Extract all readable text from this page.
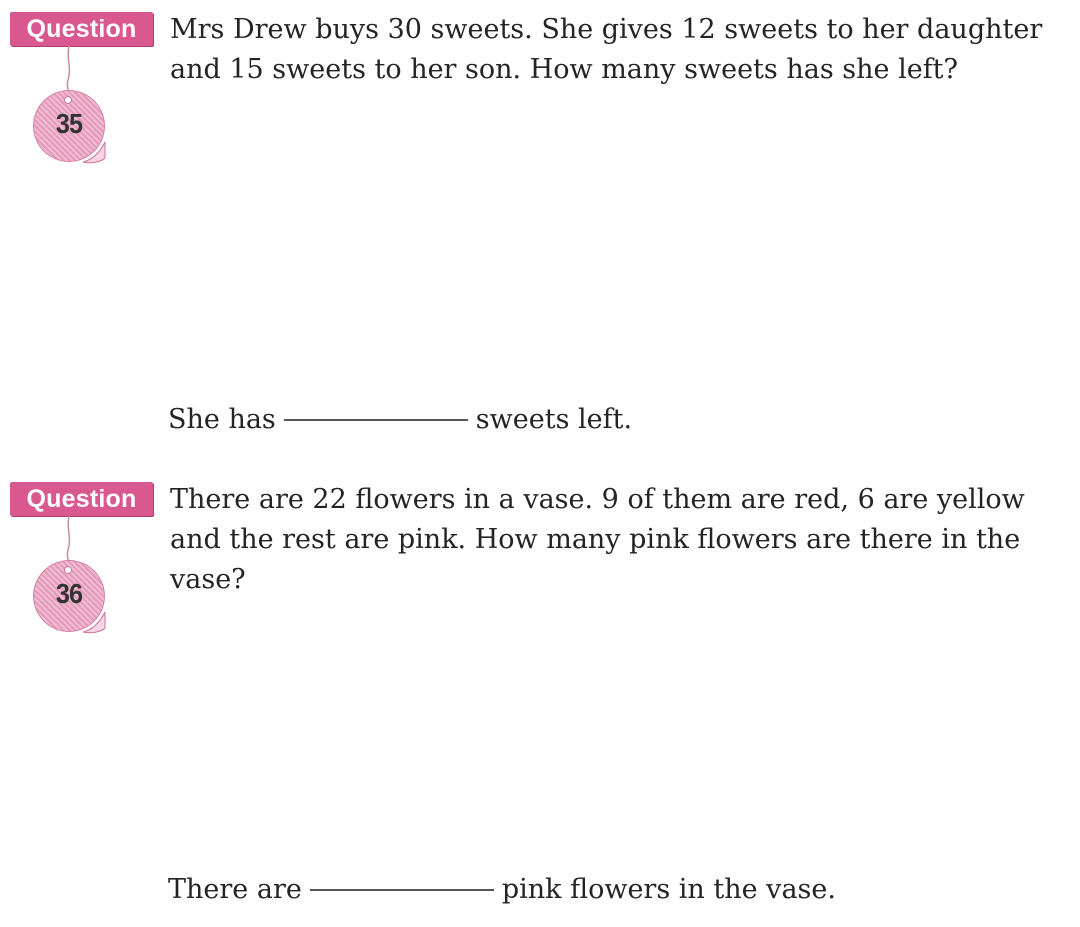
Question
35
Mrs Drew buys 30 sweets. She gives 12 sweets to her daughter and 15 sweets to her son. How many sweets has she left?
She has	sweets left.
Question
36
There are 22 flowers in a vase. 9 of them are red, 6 are yellow and the rest are pink. How many pink flowers are there in the vase?
There are	pink flowers in the vase.
